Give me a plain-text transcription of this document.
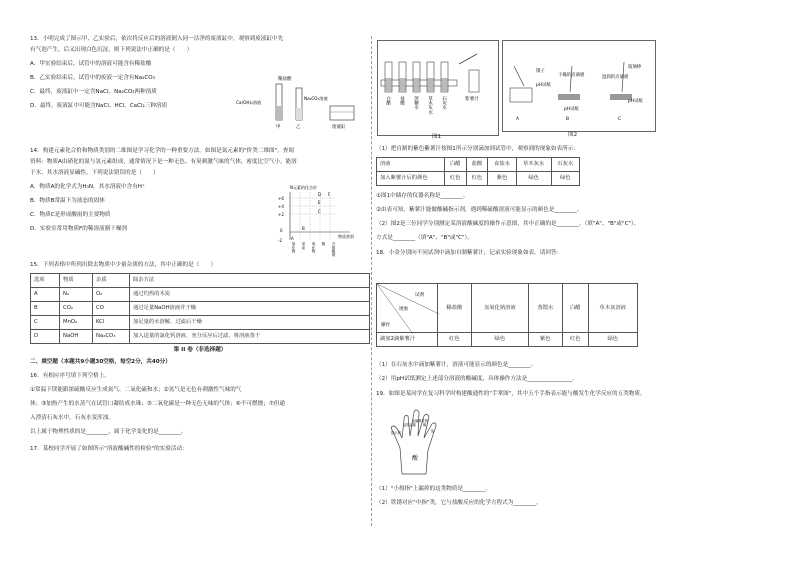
13．小明完成了图示甲、乙实验后，依次将反应后的溶液倒入同一洁净的废液缸中，观察到废液缸中先

有气泡产生，后又出现白色沉淀，则下列说法中正确的是（　　）

A．甲实验结束后，试管中的溶液可能含有稀盐酸

B．乙实验结束后，试管中的废液一定含有Na₂CO₃

C．最终，废液缸中一定含NaCl、Na₂CO₃两种溶质

D．最终，废液缸中可能含NaCl、HCl、CaCl₂三种溶质

稀盐酸
Ca(OH)₂溶液
Na₂CO₃溶液
甲	乙	废液缸

14．构建元素化合价和物质类别的二维图是学习化学的一种重要方法。如图是氮元素的"价类二维图"。查阅

资料：物质A由硝化的氮与氢元素组成，通常情况下是一种无色、有臭刺激气味的气体，密度比空气小，能溶

于水，其水溶液显碱性，下列说法错误的是（　　）

A．物质A的化学式为H₃N，其水溶液中含有H⁺

B．物质B常温下为液态的固体

C．物质C是形成酸雨的主要物质

D．实验室常用物质F的稀溶液制干燥剂

N元素的化合价
+6
+4
+2
0
-2
D F
E
C
B
A	物质类别
氢化物	单质	氧化物	酸	含氮酸钠

15．下列表格中所列出除去物质中少量杂质的方法，其中正确的是（　　）

选项	物质	杂质	除杂方法
A	N₂	O₂	通过灼热的木炭
B	CO₂	CO	通过足量NaOH溶液并干燥
C	MnO₂	KCl	加足量的水溶解，过滤后干燥
D	NaOH	Na₂CO₃	加入适量的氯化钙溶液，充分反应后过滤，将溶液蒸干

第 II 卷（非选择题）

二、填空题（本题共9小题30空格，每空2分，共40分）

16．有相应序号填下列空格上。

①常温下镁能跟浓硫酸反应生成氮气、二氧化硫和水；②氢气是无色有刺激性气味的气

体；③加热产生的水蒸气在试管口凝结成水珠；⑤二氧化碳是一种无色无味的气体；⑥不可燃烧；⑦但通

入澄清石灰水中，石灰水变浑浊。

以上属于物理性质的是________，属于化学变化的是________。

17．某校同学开展了如图所示"溶液酸碱性的检验"的实验活动：

白醋 盐酸 蔗糖水 草木灰水 石灰水	紫薯汁

图1

镊子
pH试纸
干燥的点滴板
pH试纸
湿润的点滴板
pH试纸
玻璃棒
A	B	C

图2

（1）把自制的紫色紫薯汁按图1所示分别滴加到试管中，观察到的现象如表所示：

溶液	白醋	盐酸	食盐水	草木灰水	石灰水
加入紫薯汁后的颜色	红色	红色	紫色	绿色	绿色

①图1中储存的仪器名称是________。

②由表可知，紫薯汁能做酸碱指示剂，遇到稀硫酸溶液可能显示的颜色是________。

（2）图2是三位同学分别测定某溶液酸碱度的操作示意图，其中正确的是________。（填"A"、"B"或"C"）。

方式是________（填"A"、"B"或"C"）。

18．小金分别向不同试剂中滴加自制紫薯汁，记录实验现象如表。请回答：

试剂
现象
操作	稀盐酸	氢氧化钠溶液	蒸馏水	白醋	草木灰溶液
滴加2滴紫薯汁	红色	绿色	紫色	红色	绿色

（1）在石灰水中滴加紫薯汁，溶液可能显示的颜色是________。

（2）用pH试纸测定上述部分溶液的酸碱度，具体操作方法是________________。

19．如图是某同学在复习科学时构建酸通性的"手掌图"，其中五个手指表示能与酸发生化学反应的五类物质。

指示剂
活泼金属
金属氧化物
碱
盐
酸

（1）"小拇指"上漏掉的这类物质是________。

（2）铁锈对应"中指"类，它与盐酸反应的化学方程式为________。
